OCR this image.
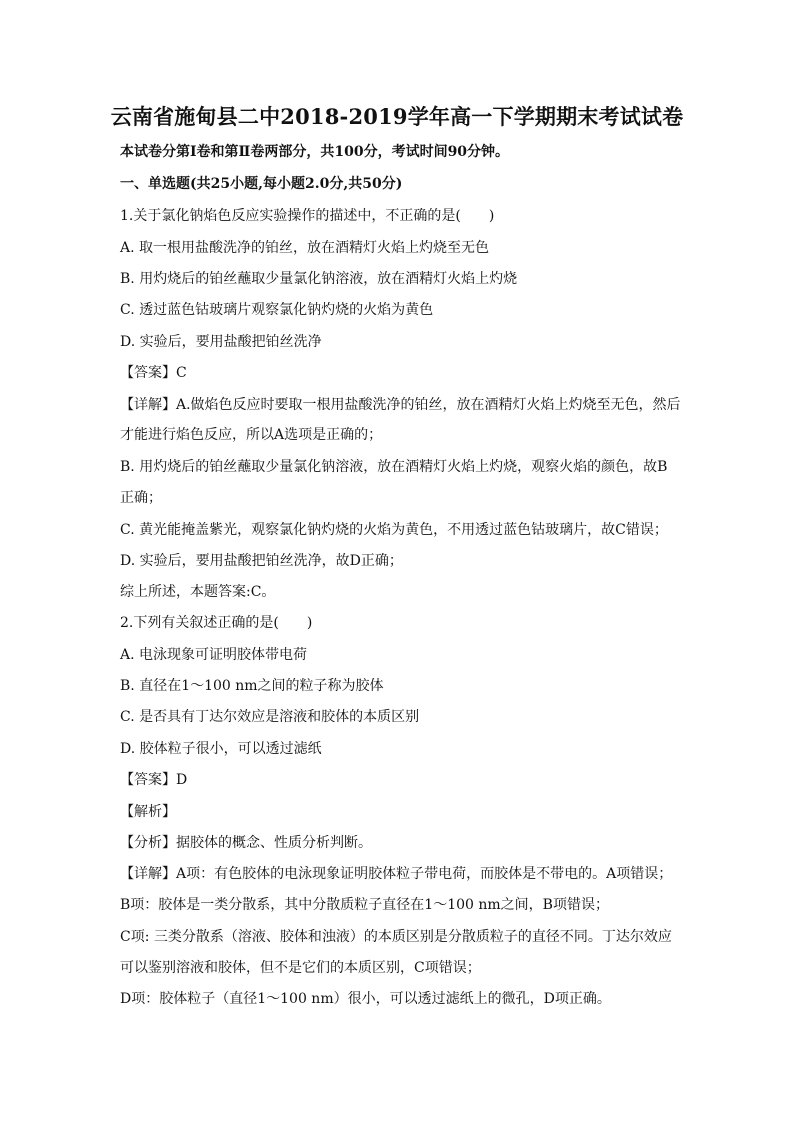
云南省施甸县二中2018-2019学年高一下学期期末考试试卷
本试卷分第Ⅰ卷和第Ⅱ卷两部分，共100分，考试时间90分钟。
一、单选题(共25小题,每小题2.0分,共50分)
1.关于氯化钠焰色反应实验操作的描述中，不正确的是(　　)
A. 取一根用盐酸洗净的铂丝，放在酒精灯火焰上灼烧至无色
B. 用灼烧后的铂丝蘸取少量氯化钠溶液，放在酒精灯火焰上灼烧
C. 透过蓝色钴玻璃片观察氯化钠灼烧的火焰为黄色
D. 实验后，要用盐酸把铂丝洗净
【答案】C
【详解】A.做焰色反应时要取一根用盐酸洗净的铂丝，放在酒精灯火焰上灼烧至无色，然后
才能进行焰色反应，所以A选项是正确的；
B. 用灼烧后的铂丝蘸取少量氯化钠溶液，放在酒精灯火焰上灼烧，观察火焰的颜色，故B
正确；
C. 黄光能掩盖紫光，观察氯化钠灼烧的火焰为黄色，不用透过蓝色钴玻璃片，故C错误；
D. 实验后，要用盐酸把铂丝洗净，故D正确；
综上所述，本题答案:C。
2.下列有关叙述正确的是(　　)
A. 电泳现象可证明胶体带电荷
B. 直径在1～100 nm之间的粒子称为胶体
C. 是否具有丁达尔效应是溶液和胶体的本质区别
D. 胶体粒子很小，可以透过滤纸
【答案】D
【解析】
【分析】据胶体的概念、性质分析判断。
【详解】A项：有色胶体的电泳现象证明胶体粒子带电荷，而胶体是不带电的。A项错误；
B项：胶体是一类分散系，其中分散质粒子直径在1～100 nm之间，B项错误；
C项: 三类分散系（溶液、胶体和浊液）的本质区别是分散质粒子的直径不同。丁达尔效应
可以鉴别溶液和胶体，但不是它们的本质区别，C项错误；
D项：胶体粒子（直径1～100 nm）很小，可以透过滤纸上的微孔，D项正确。
